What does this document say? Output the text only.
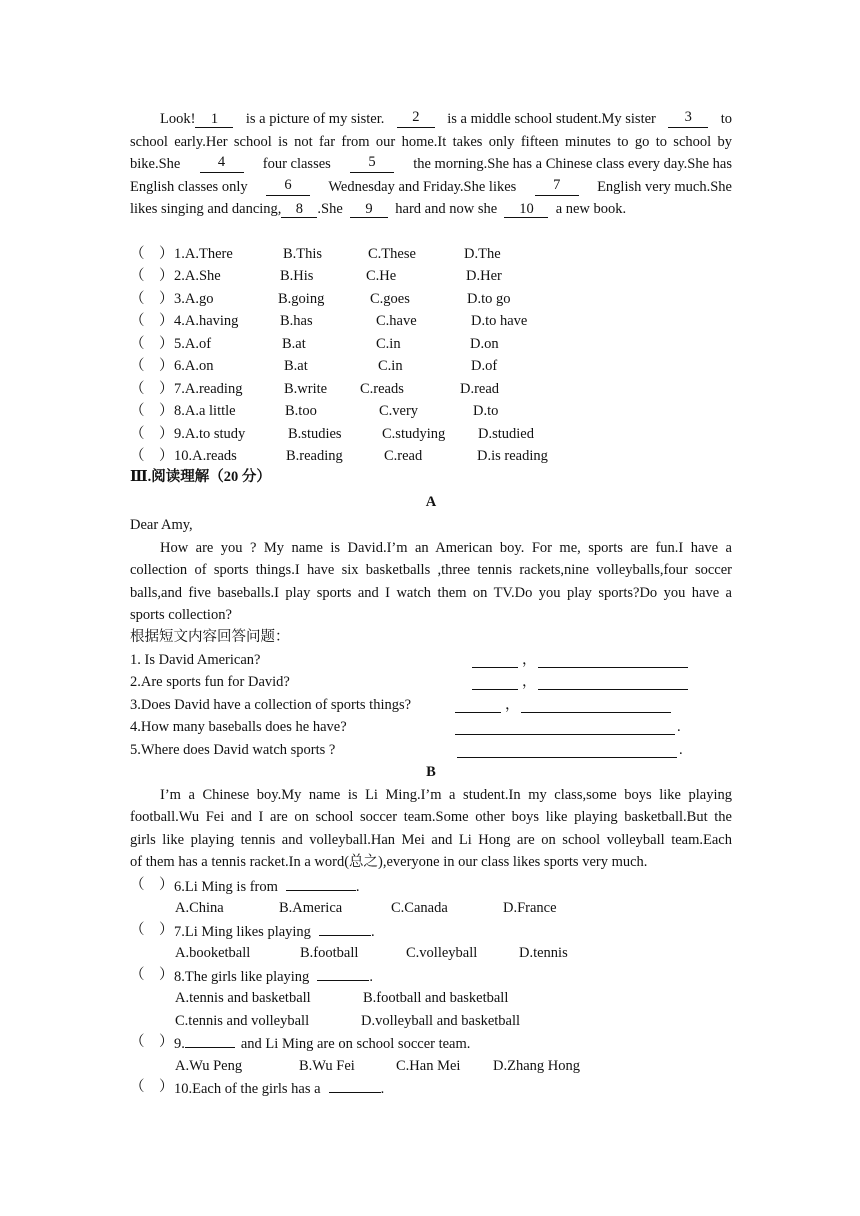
Look! 1	is a picture of my sister.	2	is a middle school student.My sister	3	to
school early.Her school is not far from our home.It takes only fifteen minutes to go to school by
bike.She	4	four classes	5	the morning.She has a Chinese class every day.She has
English classes only	6	Wednesday and Friday.She likes	7	English very much.She
likes singing and dancing, 8 .She 9 hard and now she 10 a new book.
（　） 1.A.There	B.This	C.These	D.The
（　） 2.A.She	B.His	C.He	D.Her
（　） 3.A.go	B.going	C.goes	D.to go
（　） 4.A.having	B.has	C.have	D.to have
（　） 5.A.of	B.at	C.in	D.on
（　） 6.A.on	B.at	C.in	D.of
（　） 7.A.reading	B.write C.reads	D.read
（　） 8.A.a little	B.too	C.very	D.to
（　） 9.A.to study	B.studies	C.studying D.studied
（　） 10.A.reads	B.reading	C.read	D.is reading
Ⅲ.阅读理解（20 分）
A
Dear Amy,
How are you ? My name is David.I’m an American boy. For me, sports are fun.I have a
collection of sports things.I have six basketballs ,three tennis rackets,nine volleyballs,four soccer
balls,and five baseballs.I play sports and I watch them on TV.Do you play sports?Do you have a
sports collection?
根据短文内容回答问题：
1. Is David American?	，
2.Are sports fun for David?	，
3.Does David have a collection of sports things?	，
4.How many baseballs does he have?	.
5.Where does David watch sports ?	.
B
I’m a Chinese boy.My name is Li Ming.I’m a student.In my class,some boys like playing
football.Wu Fei and I are on school soccer team.Some other boys like playing basketball.But the
girls like playing tennis and volleyball.Han Mei and Li Hong are on school volleyball team.Each
of them has a tennis racket.In a word(总之),everyone in our class likes sports very much.
（　） 6.Li Ming is from	.
A.China	B.America	C.Canada	D.France
（　） 7.Li Ming likes playing	.
A.booketball	B.football	C.volleyball	D.tennis
（　） 8.The girls like playing	.
A.tennis and basketball	B.football and basketball
C.tennis and volleyball	D.volleyball and basketball
（　） 9.	and Li Ming are on school soccer team.
A.Wu Peng	B.Wu Fei	C.Han Mei D.Zhang Hong
（　） 10.Each of the girls has a	.
